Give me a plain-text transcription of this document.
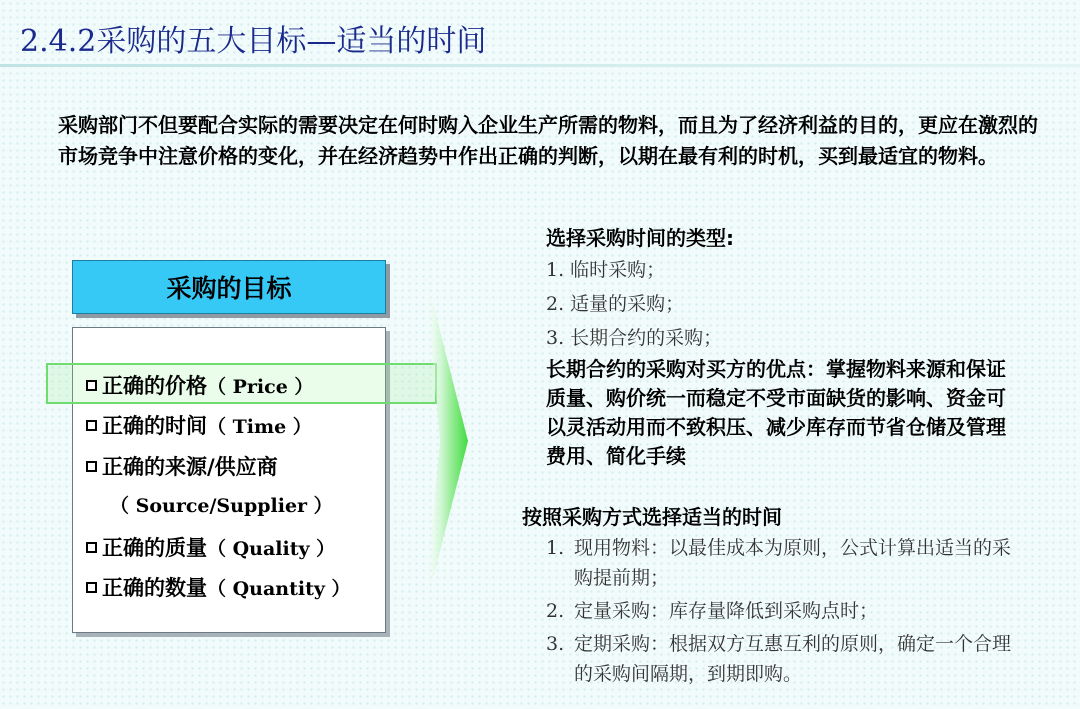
2.4.2采购的五大目标—适当的时间

采购部门不但要配合实际的需要决定在何时购入企业生产所需的物料，而且为了经济利益的目的，更应在激烈的市场竞争中注意价格的变化，并在经济趋势中作出正确的判断，以期在最有利的时机，买到最适宜的物料。

采购的目标
正确的价格 （ Price ）
正确的时间 （ Time ）
正确的来源/供应商
（ Source/Supplier ）
正确的质量 （ Quality ）
正确的数量 （ Quantity ）
选择采购时间的类型:
1. 临时采购；
2. 适量的采购；
3. 长期合约的采购；

长期合约的采购对买方的优点：掌握物料来源和保证质量、购价统一而稳定不受市面缺货的影响、资金可以灵活动用而不致积压、减少库存而节省仓储及管理费用、简化手续

按照采购方式选择适当的时间
1. 现用物料：以最佳成本为原则，公式计算出适当的采购提前期；
2. 定量采购：库存量降低到采购点时；
3. 定期采购：根据双方互惠互利的原则，确定一个合理的采购间隔期，到期即购。
